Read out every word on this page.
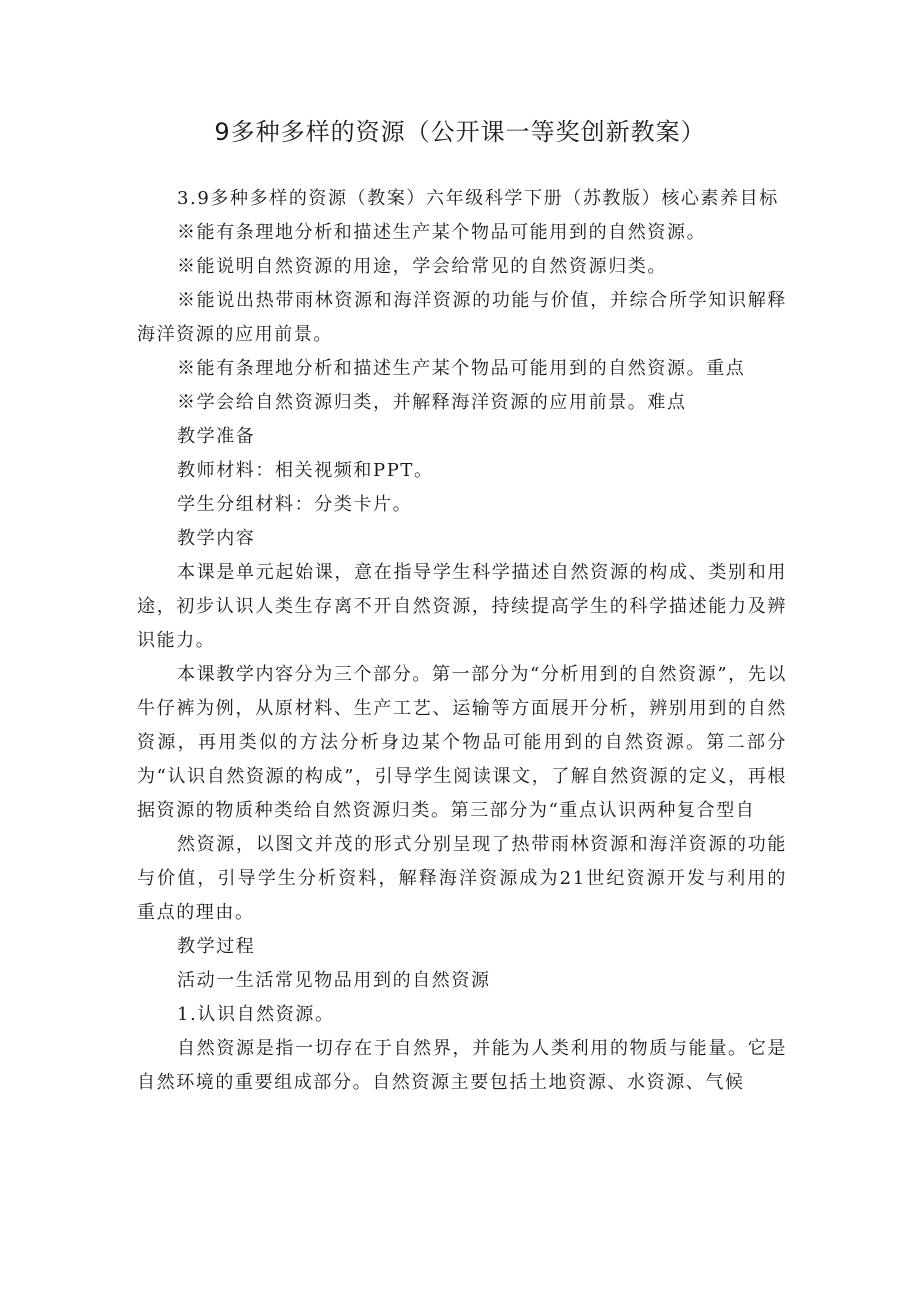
9多种多样的资源（公开课一等奖创新教案）

3.9多种多样的资源（教案）六年级科学下册（苏教版）核心素养目标

※能有条理地分析和描述生产某个物品可能用到的自然资源。

※能说明自然资源的用途，学会给常见的自然资源归类。

※能说出热带雨林资源和海洋资源的功能与价值，并综合所学知识解释海洋资源的应用前景。

※能有条理地分析和描述生产某个物品可能用到的自然资源。重点

※学会给自然资源归类，并解释海洋资源的应用前景。难点

教学准备

教师材料：相关视频和PPT。

学生分组材料：分类卡片。

教学内容

本课是单元起始课，意在指导学生科学描述自然资源的构成、类别和用途，初步认识人类生存离不开自然资源，持续提高学生的科学描述能力及辨识能力。

本课教学内容分为三个部分。第一部分为“分析用到的自然资源”，先以牛仔裤为例，从原材料、生产工艺、运输等方面展开分析，辨别用到的自然资源，再用类似的方法分析身边某个物品可能用到的自然资源。第二部分为“认识自然资源的构成”，引导学生阅读课文，了解自然资源的定义，再根据资源的物质种类给自然资源归类。第三部分为“重点认识两种复合型自

然资源，以图文并茂的形式分别呈现了热带雨林资源和海洋资源的功能与价值，引导学生分析资料，解释海洋资源成为21世纪资源开发与利用的重点的理由。

教学过程

活动一生活常见物品用到的自然资源

1.认识自然资源。

自然资源是指一切存在于自然界，并能为人类利用的物质与能量。它是自然环境的重要组成部分。自然资源主要包括土地资源、水资源、气候
